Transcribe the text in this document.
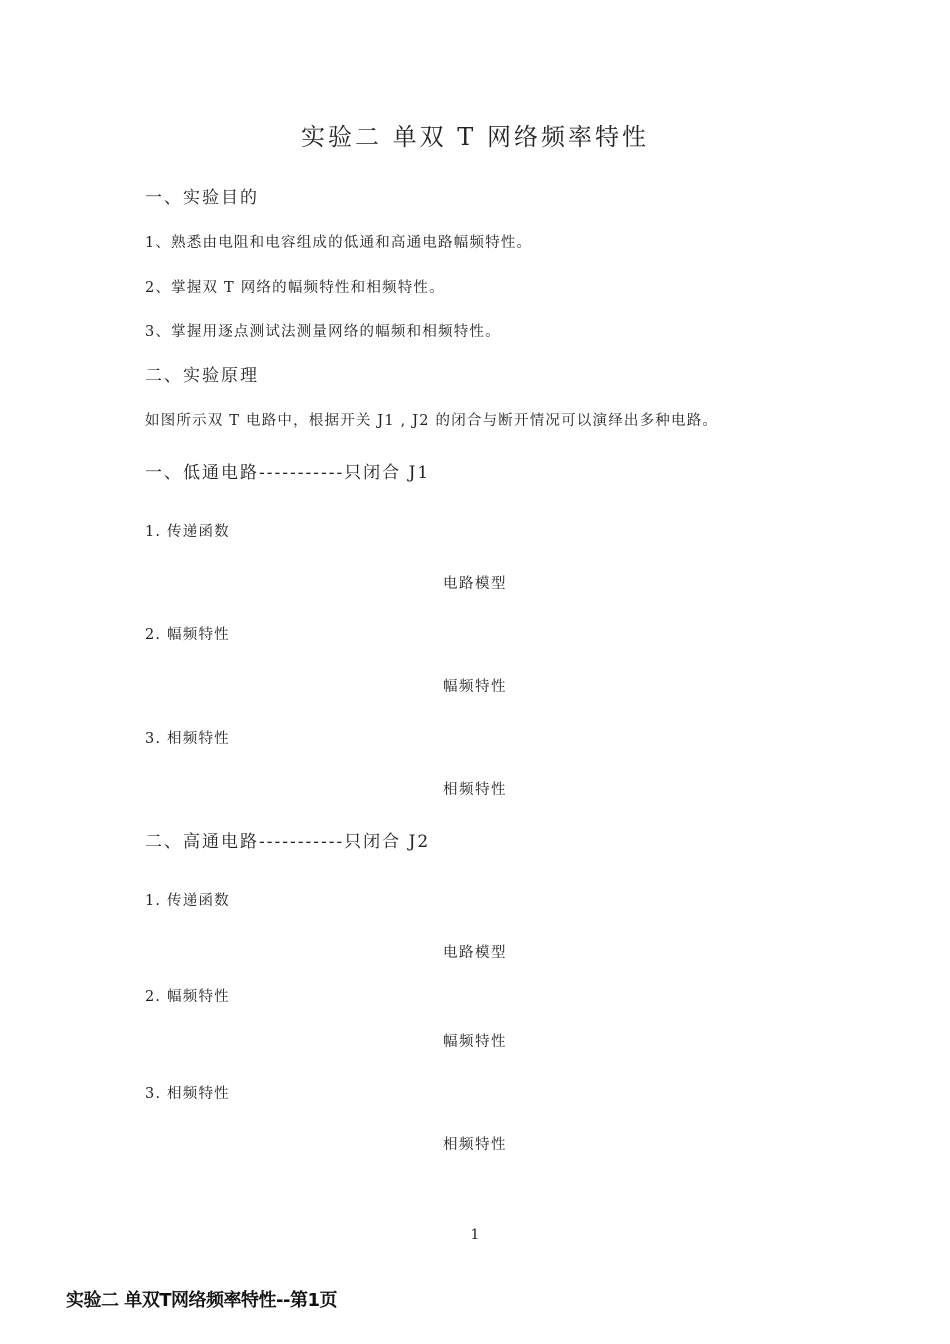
实验二 单双 T 网络频率特性
一、实验目的
1、熟悉由电阻和电容组成的低通和高通电路幅频特性。
2、掌握双 T 网络的幅频特性和相频特性。
3、掌握用逐点测试法测量网络的幅频和相频特性。
二、实验原理
如图所示双 T 电路中，根据开关 J1 , J2 的闭合与断开情况可以演绎出多种电路。
一、低通电路-----------只闭合 J1
1. 传递函数
电路模型
2. 幅频特性
幅频特性
3. 相频特性
相频特性
二、高通电路-----------只闭合 J2
1. 传递函数
电路模型
2. 幅频特性
幅频特性
3. 相频特性
相频特性
1
实验二 单双T网络频率特性--第1页
